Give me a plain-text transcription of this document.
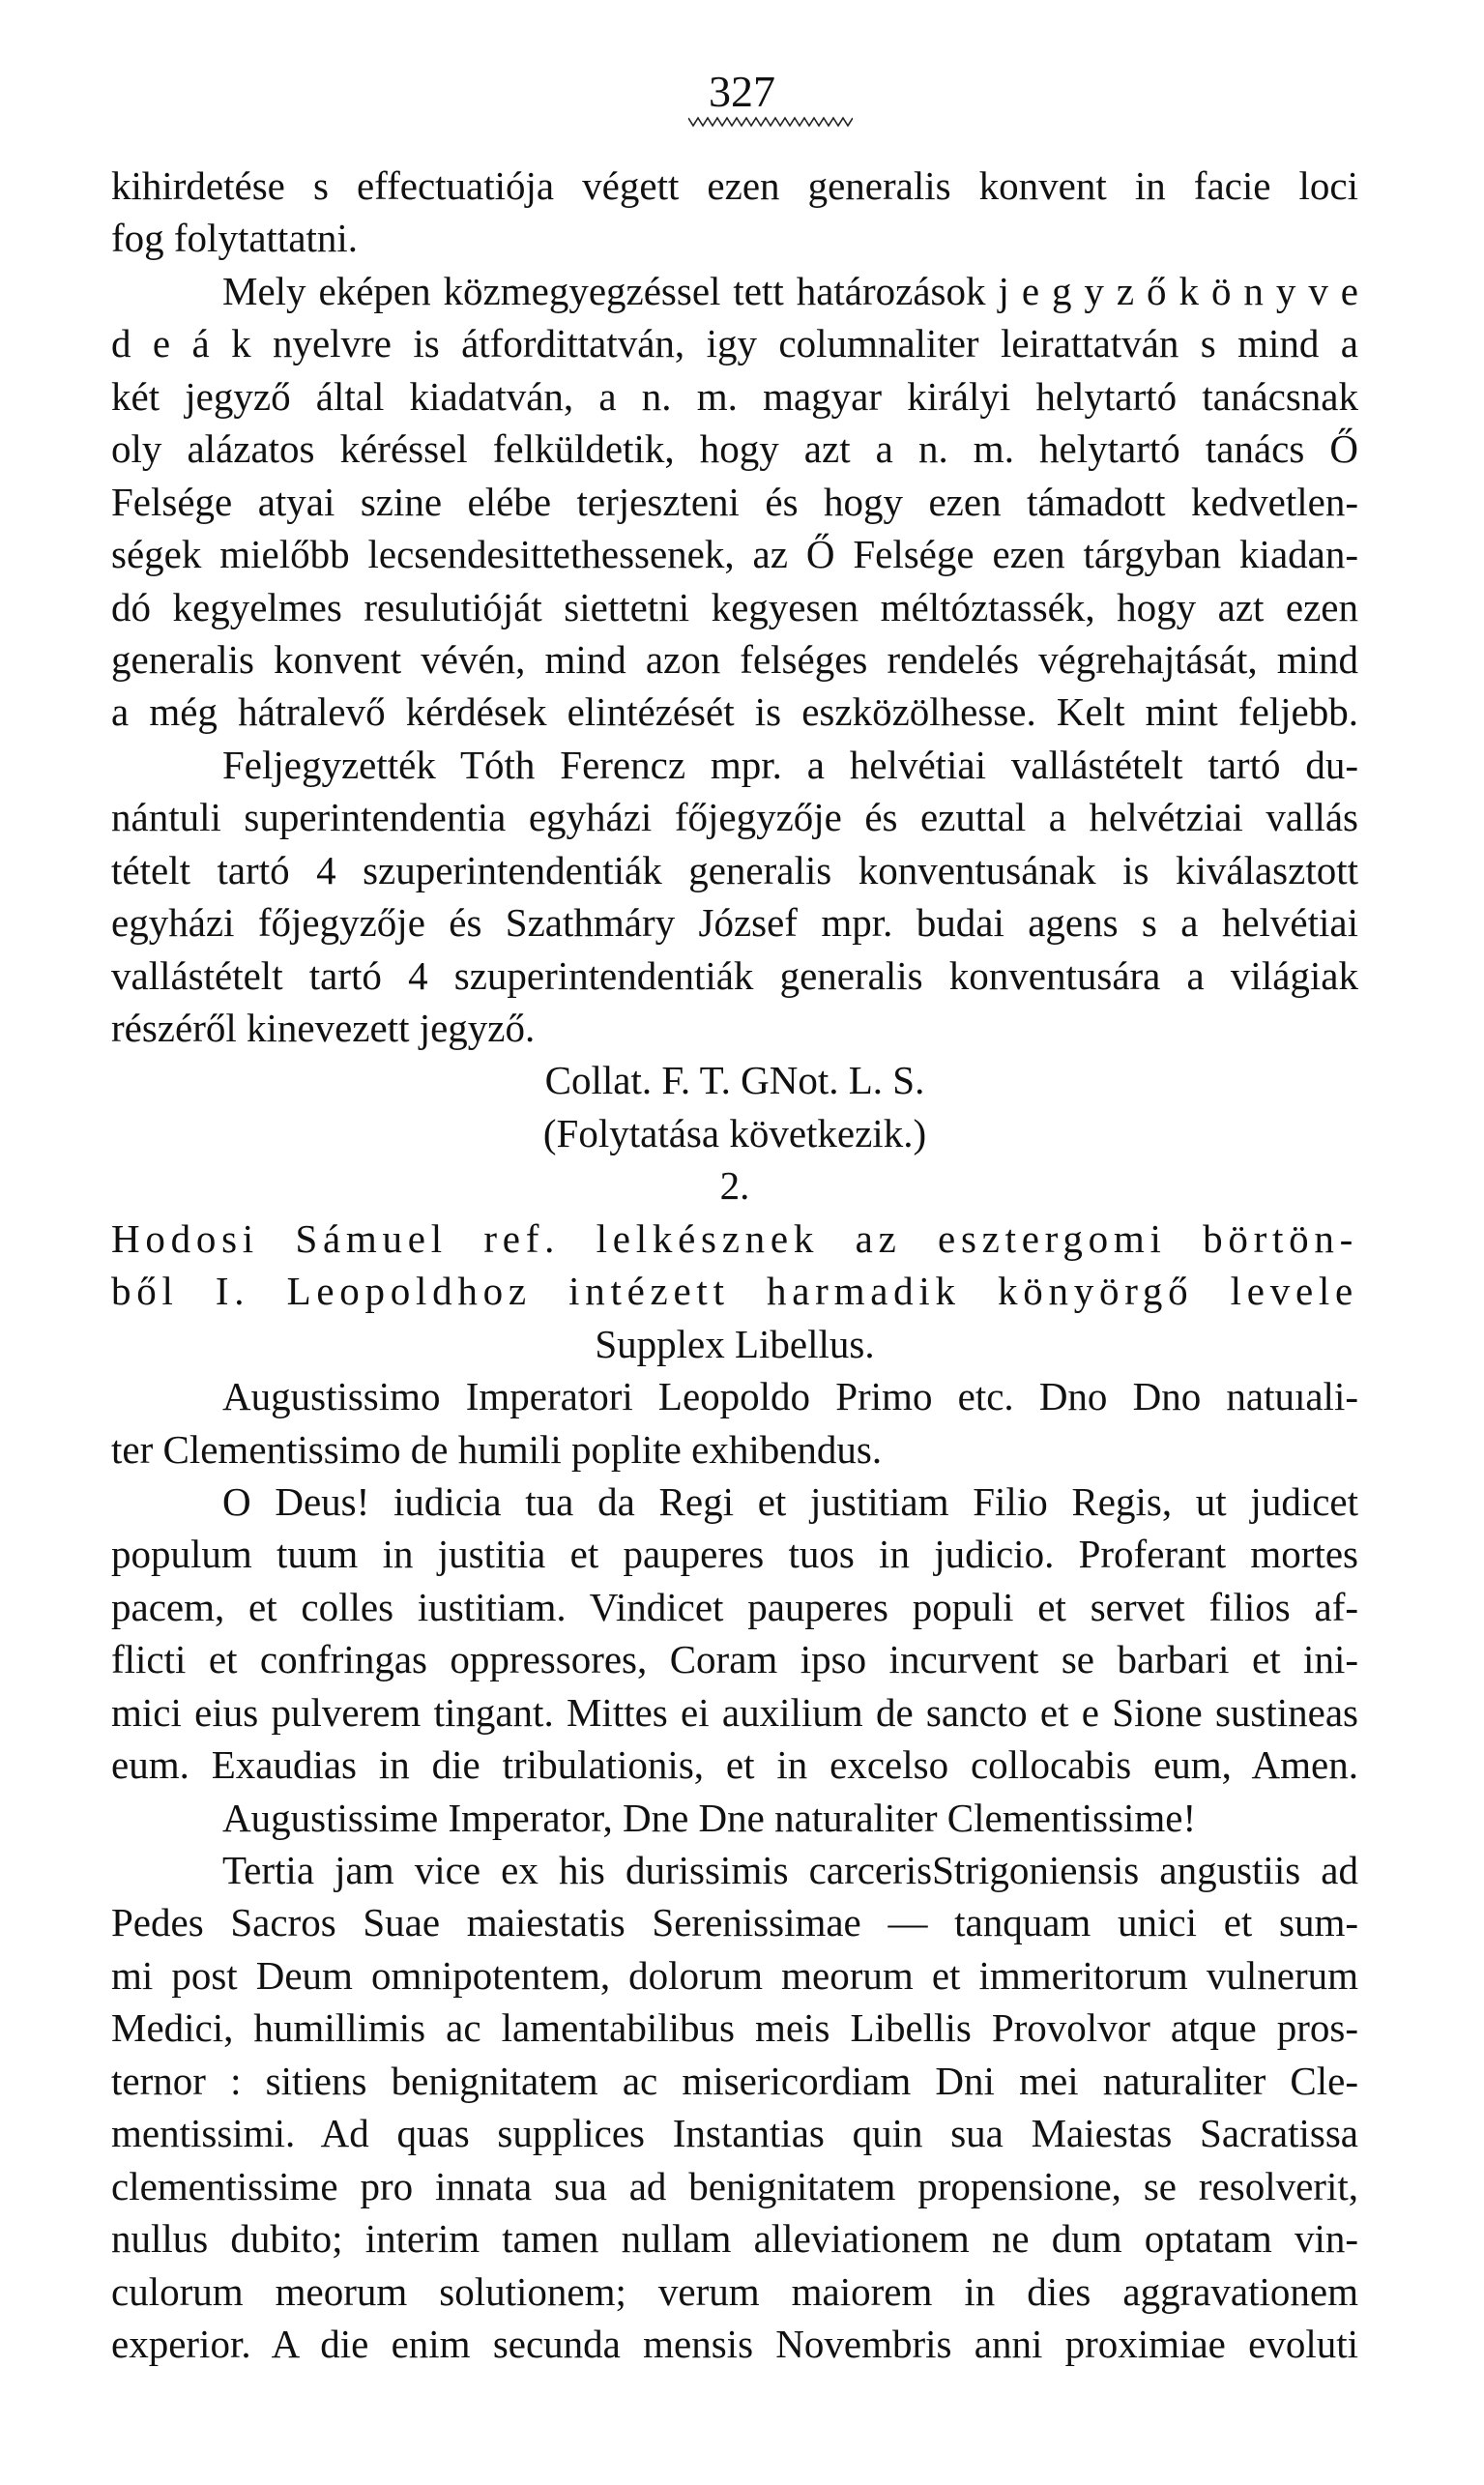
327
kihirdetése s effectuatiója végett ezen generalis konvent in facie loci
fog folytattatni.
Mely eképen közmegyegzéssel tett határozások j e g y z ő k ö n y v e
d e á k nyelvre is átfordittatván, igy columnaliter leirattatván s mind a
két jegyző által kiadatván, a n. m. magyar királyi helytartó tanácsnak
oly alázatos kéréssel felküldetik, hogy azt a n. m. helytartó tanács Ő
Felsége atyai szine elébe terjeszteni és hogy ezen támadott kedvetlen-
ségek mielőbb lecsendesittethessenek, az Ő Felsége ezen tárgyban kiadan-
dó kegyelmes resulutióját siettetni kegyesen méltóztassék, hogy azt ezen
generalis konvent vévén, mind azon felséges rendelés végrehajtását, mind
a még hátralevő kérdések elintézését is eszközölhesse. Kelt mint feljebb.
Feljegyzették Tóth Ferencz mpr. a helvétiai vallástételt tartó du-
nántuli superintendentia egyházi főjegyzője és ezuttal a helvétziai vallás
tételt tartó 4 szuperintendentiák generalis konventusának is kiválasztott
egyházi főjegyzője és Szathmáry József mpr. budai agens s a helvétiai
vallástételt tartó 4 szuperintendentiák generalis konventusára a világiak
részéről kinevezett jegyző.
Collat. F. T. GNot. L. S.
(Folytatása következik.)
2.
Hodosi Sámuel ref. lelkésznek az esztergomi börtön-
ből I. Leopoldhoz intézett harmadik könyörgő levele
Supplex Libellus.
Augustissimo Imperatori Leopoldo Primo etc. Dno Dno natuıali-
ter Clementissimo de humili poplite exhibendus.
O Deus! iudicia tua da Regi et justitiam Filio Regis, ut judicet
populum tuum in justitia et pauperes tuos in judicio. Proferant mortes
pacem, et colles iustitiam. Vindicet pauperes populi et servet filios af-
flicti et confringas oppressores, Coram ipso incurvent se barbari et ini-
mici eius pulverem tingant. Mittes ei auxilium de sancto et e Sione sustineas
eum. Exaudias in die tribulationis, et in excelso collocabis eum, Amen.
Augustissime Imperator, Dne Dne naturaliter Clementissime!
Tertia jam vice ex his durissimis carcerisStrigoniensis angustiis ad
Pedes Sacros Suae maiestatis Serenissimae — tanquam unici et sum-
mi post Deum omnipotentem, dolorum meorum et immeritorum vulnerum
Medici, humillimis ac lamentabilibus meis Libellis Provolvor atque pros-
ternor : sitiens benignitatem ac misericordiam Dni mei naturaliter Cle-
mentissimi. Ad quas supplices Instantias quin sua Maiestas Sacratissa
clementissime pro innata sua ad benignitatem propensione, se resolverit,
nullus dubito; interim tamen nullam alleviationem ne dum optatam vin-
culorum meorum solutionem; verum maiorem in dies aggravationem
experior. A die enim secunda mensis Novembris anni proximiae evoluti
